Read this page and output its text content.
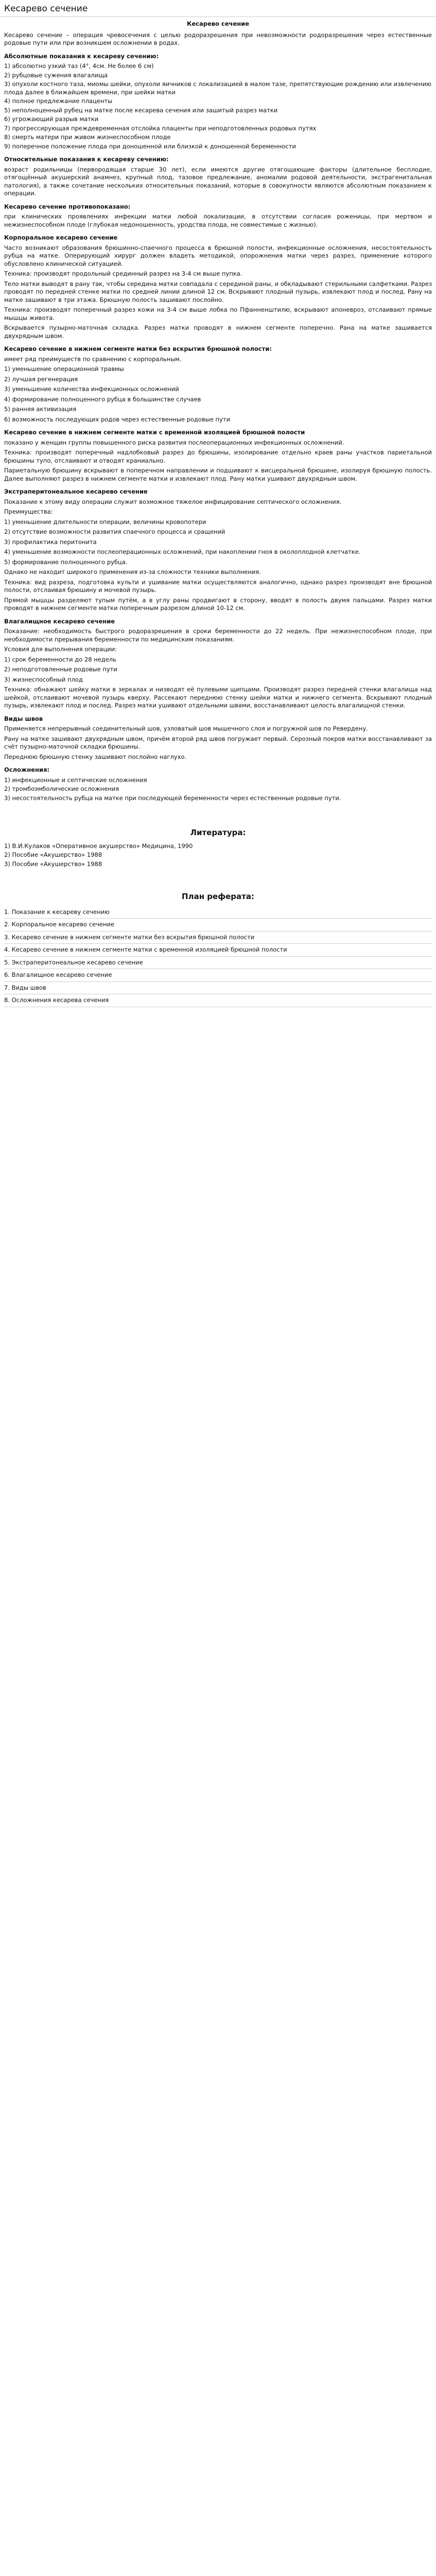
Кесарево сечение
Кесарево сечение
Кесарево сечение – операция чревосечения с целью родоразрешения при невозможности родоразрешения через естественные родовые пути или при возникшем осложнении в родах.
Абсолютные показания к кесареву сечению:
1) абсолютно узкий таз (4°, 4см. Не более 6 см)
2) рубцовые сужения влагалища
3) опухоли костного таза, миомы шейки, опухоли яичников с локализацией в малом тазе, препятствующие рождению или извлечению плода далее в ближайшем времени, при шейки матки
4) полное предлежание плаценты
5) неполноценный рубец на матке после кесарева сечения или зашитый разрез матки
6) угрожающий разрыв матки
7) прогрессирующая преждевременная отслойка плаценты при неподготовленных родовых путях
8) смерть матери при живом жизнеспособном плоде
9) поперечное положение плода при доношенной или близкой к доношенной беременности
Относительные показания к кесареву сечению:
возраст родильницы (первородящая старше 30 лет), если имеются другие отягощающие факторы (длительное бесплодие, отягощённый акушерский анамнез, крупный плод, тазовое предлежание, аномалии родовой деятельности, экстрагенитальная патология), а также сочетание нескольких относительных показаний, которые в совокупности являются абсолютным показанием к операции.
Кесарево сечение противопоказано:
при клинических проявлениях инфекции матки любой локализации, в отсутствии согласия роженицы, при мертвом и нежизнеспособном плоде (глубокая недоношенность, уродства плода, не совместимые с жизнью).
Корпоральное кесарево сечение
Часто возникают образования брюшинно-спаечного процесса в брюшной полости, инфекционные осложнения, несостоятельность рубца на матке. Оперирующий хирург должен владеть методикой, опорожнения матки через разрез, применение которого обусловлено клинической ситуацией.
Техника: производят продольный срединный разрез на 3-4 см выше пупка.
Тело матки выводят в рану так, чтобы середина матки совпадала с серединой раны, и обкладывают стерильными салфетками. Разрез проводят по передней стенке матки по средней линии длиной 12 см. Вскрывают плодный пузырь, извлекают плод и послед. Рану на матке зашивают в три этажа. Брюшную полость зашивают послойно.
Техника: производят поперечный разрез кожи на 3-4 см выше лобка по Пфанненштилю, вскрывают апоневроз, отслаивают прямые мышцы живота.
Вскрывается пузырно-маточная складка. Разрез матки проводят в нижнем сегменте поперечно. Рана на матке зашивается двухрядным швом.
Кесарево сечение в нижнем сегменте матки без вскрытия брюшной полости:
имеет ряд преимуществ по сравнению с корпоральным.
1) уменьшение операционной травмы
2) лучшая регенерация
3) уменьшение количества инфекционных осложнений
4) формирование полноценного рубца в большинстве случаев
5) ранняя активизация
6) возможность последующих родов через естественные родовые пути
Кесарево сечение в нижнем сегменте матки с временной изоляцией брюшной полости
показано у женщин группы повышенного риска развития послеоперационных инфекционных осложнений.
Техника: производят поперечный надлобковый разрез до брюшины, изолирование отдельно краев раны участков париетальной брюшины тупо, отслаивают и отводят краниально.
Париетальную брюшину вскрывают в поперечном направлении и подшивают к висцеральной брюшине, изолируя брюшную полость. Далее выполняют разрез в нижнем сегменте матки и извлекают плод. Рану матки ушивают двухрядным швом.
Экстраперитонеальное кесарево сечение
Показание к этому виду операции служит возможное тяжелое инфицирование септического осложнения.
Преимущества:
1) уменьшение длительности операции, величины кровопотери
2) отсутствие возможности развития спаечного процесса и сращений
3) профилактика перитонита
4) уменьшение возможности послеоперационных осложнений, при накоплении гноя в околоплодной клетчатке.
5) формирование полноценного рубца.
Однако не находит широкого применения из-за сложности техники выполнения.
Техника: вид разреза, подготовка культи и ушивание матки осуществляются аналогично, однако разрез производят вне брюшной полости, отслаивая брюшину и мочевой пузырь.
Прямой мышцы разделяют тупым путём, а в углу раны продвигают в сторону, вводят в полость двумя пальцами. Разрез матки проводят в нижнем сегменте матки поперечным разрезом длиной 10-12 см.
Влагалищное кесарево сечение
Показание: необходимость быстрого родоразрешения в сроки беременности до 22 недель. При нежизнеспособном плоде, при необходимости прерывания беременности по медицинским показаниям.
Условия для выполнения операции:
1) срок беременности до 28 недель
2) неподготовленные родовые пути
3) жизнеспособный плод
Техника: обнажают шейку матки в зеркалах и низводят её пулевыми щипцами. Производят разрез передней стенки влагалища над шейкой, отслаивают мочевой пузырь кверху. Рассекают переднюю стенку шейки матки и нижнего сегмента. Вскрывают плодный пузырь, извлекают плод и послед. Разрез матки ушивают отдельными швами, восстанавливают целость влагалищной стенки.
Виды швов
Применяется непрерывный соединительный шов, узловатый шов мышечного слоя и погружной шов по Ревердену.
Рану на матке зашивают двухрядным швом, причём второй ряд швов погружает первый. Серозный покров матки восстанавливают за счёт пузырно-маточной складки брюшины.
Переднюю брюшную стенку зашивают послойно наглухо.
Осложнения:
1) инфекционные и септические осложнения
2) тромбоэмболические осложнения
3) несостоятельность рубца на матке при последующей беременности через естественные родовые пути.
Литература:
1) В.И.Кулаков «Оперативное акушерство» Медицина, 1990
2) Пособие «Акушерство» 1988
3) Пособие «Акушерство» 1988
План реферата:
1. Показание к кесареву сечению
2. Корпоральное кесарево сечение
3. Кесарево сечение в нижнем сегменте матки без вскрытия брюшной полости
4. Кесарево сечение в нижнем сегменте матки с временной изоляцией брюшной полости
5. Экстраперитонеальное кесарево сечение
6. Влагалищное кесарево сечение
7. Виды швов
8. Осложнения кесарева сечения
